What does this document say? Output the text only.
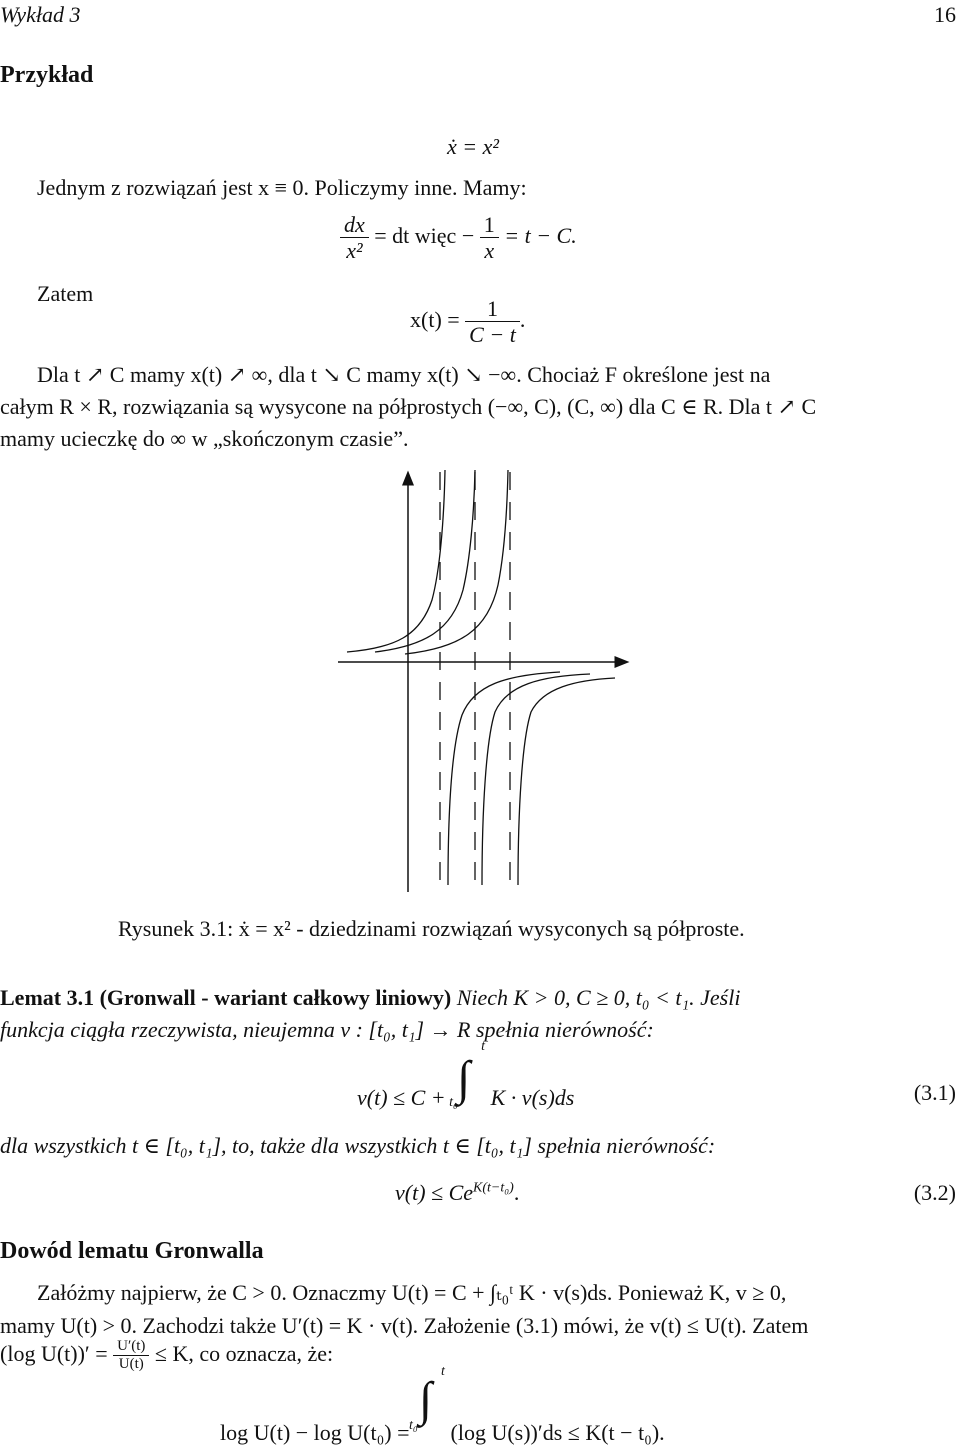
Wykład 3	16
Przykład
ẋ = x²
Jednym z rozwiązań jest x ≡ 0. Policzymy inne. Mamy:
$\frac{dx}{\text{x²}}$ = dt więc − $\frac{1}{x} = t - C$.
Zatem
$x(t) = \frac{1}{C - t}$ .
Dla t ↗ C mamy x(t) ↗ ∞, dla t ↘ C mamy x(t) ↘ −∞. Chociaż F określone jest na
całym R × R, rozwiązania są wysycone na półprostych (−∞, C), (C, ∞) dla C ∈ R. Dla t ↗ C
mamy ucieczkę do ∞ w „skończonym czasie”.
Rysunek 3.1: ẋ = x² - dziedzinami rozwiązań wysyconych są półproste.
Lemat 3.1 (Gronwall - wariant całkowy liniowy) Niech K > 0, C ≥ 0, t₀ < t₁. Jeśli
funkcja ciągła rzeczywista, nieujemna v : [t₀, t₁] → R spełnia nierówność:
v(t) ≤ C + ∫
t
t₀ K · v(s)ds	(3.1)
dla wszystkich t ∈ [t₀, t₁], to, także dla wszystkich t ∈ [t₀, t₁] spełnia nierówność:
$v(t) \le Ce^{K(t-t_0)}$.	(3.2)
Dowód lematu Gronwalla
Załóżmy najpierw, że C > 0. Oznaczmy U(t) = C + ∫ₜ₀ᵗ K · v(s)ds. Ponieważ K, v ≥ 0,
mamy U(t) > 0. Zachodzi także U′(t) = K · v(t). Założenie (3.1) mówi, że v(t) ≤ U(t). Zatem
(log $U(t))' = \frac{U'(t)}{U(t)} \le K$, co oznacza, że:
log U(t) − log U(t₀) =
∫
t
t₀ (log U(s))′ds ≤ K(t − t₀).
